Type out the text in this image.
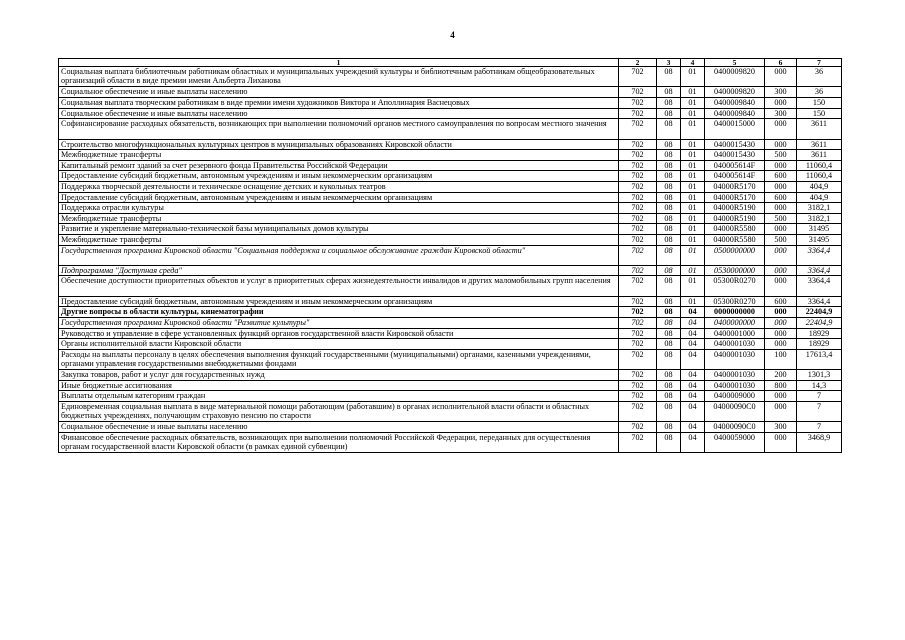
4
1	2	3	4	5	6	7
Социальная выплата библиотечным работникам областных и муниципальных учреждений культуры и библиотечным работникам общеобразовательных организаций области в виде премии имени Альберта Лиханова	702	08	01	0400009820	000	36
Социальное обеспечение и иные выплаты населению	702	08	01	0400009820	300	36
Социальная выплата творческим работникам в виде премии имени художников Виктора и Аполлинария Васнецовых	702	08	01	0400009840	000	150
Социальное обеспечение и иные выплаты населению	702	08	01	0400009840	300	150
Софинансирование расходных обязательств, возникающих при выполнении полномочий органов местного самоуправления по вопросам местного значения	702	08	01	0400015000	000	3611
Строительство многофункциональных культурных центров в муниципальных образованиях Кировской области	702	08	01	0400015430	000	3611
Межбюджетные трансферты	702	08	01	0400015430	500	3611
Капитальный ремонт зданий за счет резервного фонда Правительства Российской Федерации	702	08	01	040005614F	000	11060,4
Предоставление субсидий бюджетным, автономным учреждениям и иным некоммерческим организациям	702	08	01	040005614F	600	11060,4
Поддержка творческой деятельности и техническое оснащение детских и кукольных театров	702	08	01	04000R5170	000	404,9
Предоставление субсидий бюджетным, автономным учреждениям и иным некоммерческим организациям	702	08	01	04000R5170	600	404,9
Поддержка отрасли культуры	702	08	01	04000R5190	000	3182,1
Межбюджетные трансферты	702	08	01	04000R5190	500	3182,1
Развитие и укрепление материально-технической базы муниципальных домов культуры	702	08	01	04000R5580	000	31495
Межбюджетные трансферты	702	08	01	04000R5580	500	31495
Государственная программа Кировской области "Социальная поддержка и социальное обслуживание граждан Кировской области"	702	08	01	0500000000	000	3364,4
Подпрограмма "Доступная среда"	702	08	01	0530000000	000	3364,4
Обеспечение доступности приоритетных объектов и услуг в приоритетных сферах жизнедеятельности инвалидов и других маломобильных групп населения	702	08	01	05300R0270	000	3364,4
Предоставление субсидий бюджетным, автономным учреждениям и иным некоммерческим организациям	702	08	01	05300R0270	600	3364,4
Другие вопросы в области культуры, кинематографии	702	08	04	0000000000	000	22404,9
Государственная программа Кировской области "Развитие культуры"	702	08	04	0400000000	000	22404,9
Руководство и управление в сфере установленных функций органов государственной власти Кировской области	702	08	04	0400001000	000	18929
Органы исполнительной власти Кировской области	702	08	04	0400001030	000	18929
Расходы на выплаты персоналу в целях обеспечения выполнения функций государственными (муниципальными) органами, казенными учреждениями, органами управления государственными внебюджетными фондами	702	08	04	0400001030	100	17613,4
Закупка товаров, работ и услуг для государственных нужд	702	08	04	0400001030	200	1301,3
Иные бюджетные ассигнования	702	08	04	0400001030	800	14,3
Выплаты отдельным категориям граждан	702	08	04	0400009000	000	7
Единовременная социальная выплата в виде материальной помощи работающим (работавшим) в органах исполнительной власти области и областных бюджетных учреждениях, получающим страховую пенсию по старости	702	08	04	04000090C0	000	7
Социальное обеспечение и иные выплаты населению	702	08	04	04000090C0	300	7
Финансовое обеспечение расходных обязательств, возникающих при выполнении полномочий Российской Федерации, переданных для осуществления органам государственной власти Кировской области (в рамках единой субвенции)	702	08	04	0400059000	000	3468,9
